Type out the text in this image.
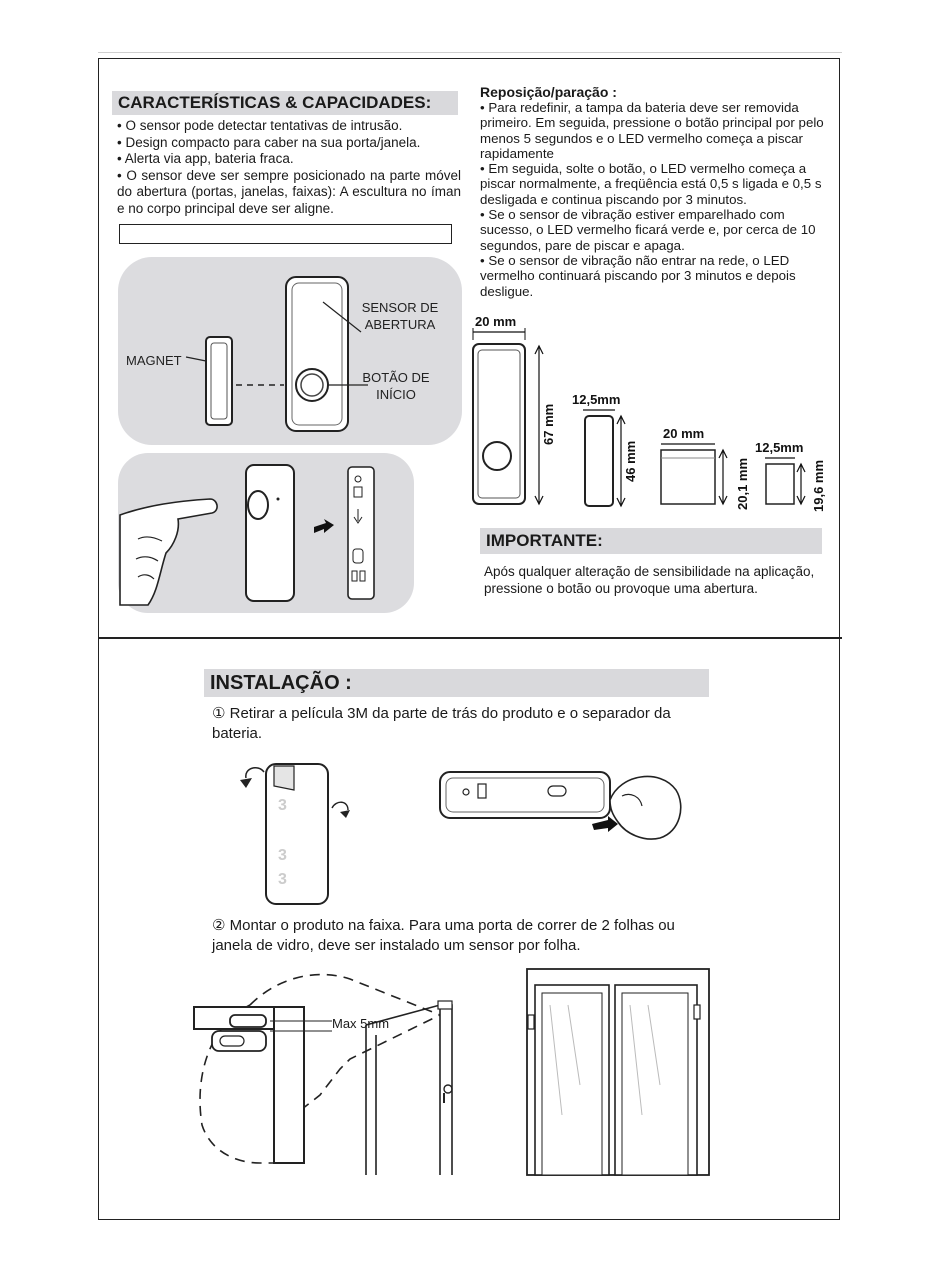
CARACTERÍSTICAS & CAPACIDADES:
• O sensor pode detectar tentativas de intrusão.
• Design compacto para caber na sua porta/janela.
• Alerta via app, bateria fraca.
• O sensor deve ser sempre posicionado na parte móvel do abertura (portas, janelas, faixas): A escultura no íman e no corpo principal deve ser aligne.
MAGNET
SENSOR DE ABERTURA
BOTÃO DE INÍCIO
Reposição/paração :
• Para redefinir, a tampa da bateria deve ser removida primeiro. Em seguida, pressione o botão principal por pelo menos 5 segundos e o LED vermelho começa a piscar rapidamente
• Em seguida, solte o botão, o LED vermelho começa a piscar normalmente, a freqüência está 0,5 s ligada e 0,5 s desligada e continua piscando por 3 minutos.
• Se o sensor de vibração estiver emparelhado com sucesso, o LED vermelho ficará verde e, por cerca de 10 segundos, pare de piscar e apaga.
• Se o sensor de vibração não entrar na rede, o LED vermelho continuará piscando por 3 minutos e depois desligue.
20 mm
67 mm
12,5mm
46 mm
20 mm
20,1 mm
12,5mm
19,6 mm
IMPORTANTE:
Após qualquer alteração de sensibilidade na aplicação, pressione o botão ou provoque uma abertura.
INSTALAÇÃO :
① Retirar a película 3M da parte de trás do produto e o separador da bateria.
3
3
3
② Montar o produto na faixa. Para uma porta de correr de 2 folhas ou janela de vidro, deve ser instalado um sensor por folha.
Max 5mm
